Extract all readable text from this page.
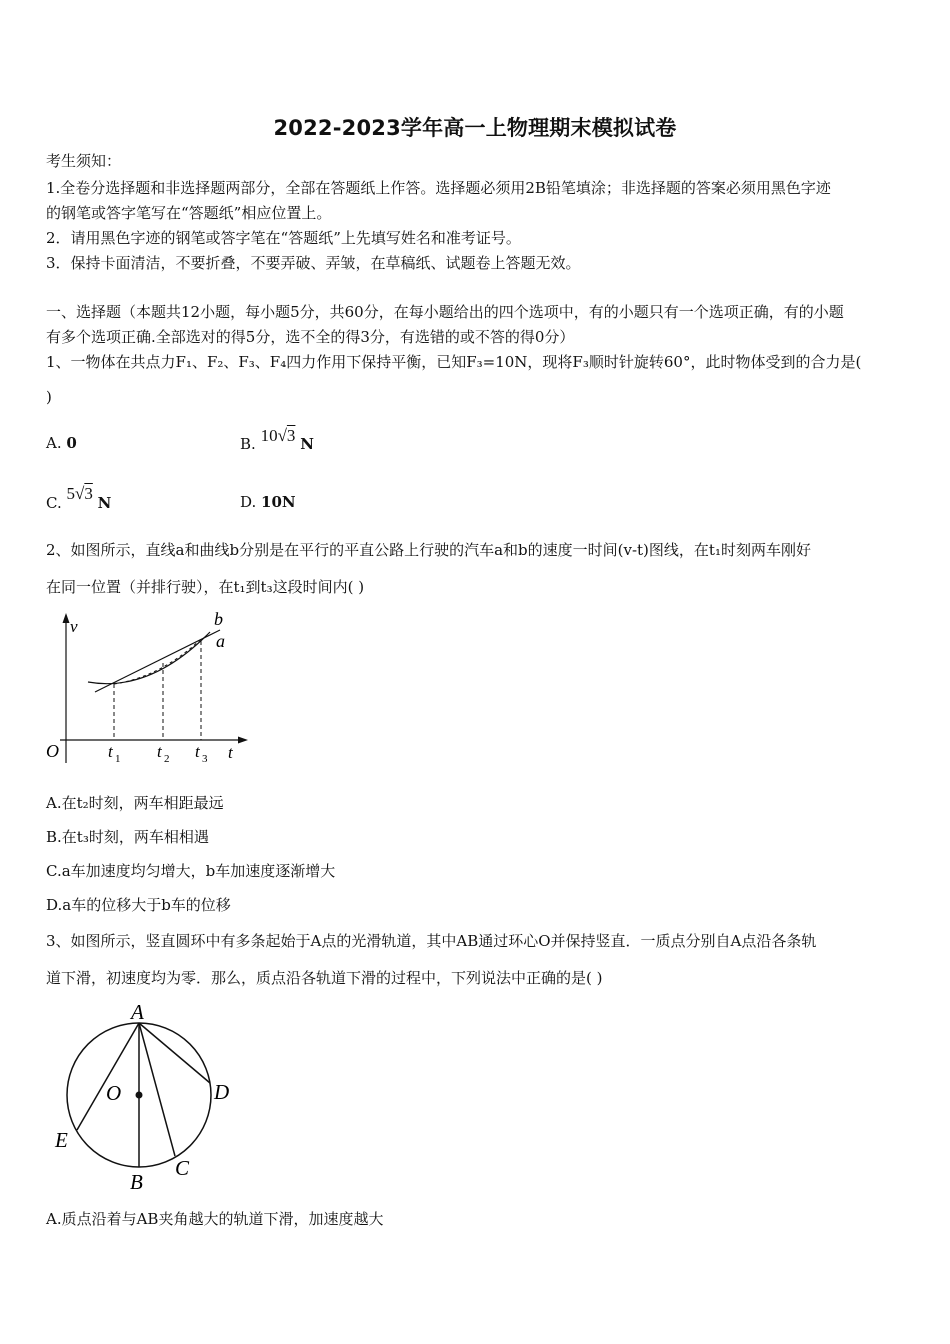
2022-2023学年高一上物理期末模拟试卷
考生须知：
1.全卷分选择题和非选择题两部分，全部在答题纸上作答。选择题必须用2B铅笔填涂；非选择题的答案必须用黑色字迹
的钢笔或答字笔写在“答题纸”相应位置上。
2．请用黑色字迹的钢笔或答字笔在“答题纸”上先填写姓名和准考证号。
3．保持卡面清洁，不要折叠，不要弄破、弄皱，在草稿纸、试题卷上答题无效。
一、选择题（本题共12小题，每小题5分，共60分，在每小题给出的四个选项中，有的小题只有一个选项正确，有的小题
有多个选项正确.全部选对的得5分，选不全的得3分，有选错的或不答的得0分）
1、一物体在共点力F₁、F₂、F₃、F₄四力作用下保持平衡，已知F₃=10N，现将F₃顺时针旋转60°，此时物体受到的合力是(
)
A. 0	B. 10√3 N
C. 5√3 N	D. 10N
2、如图所示，直线a和曲线b分别是在平行的平直公路上行驶的汽车a和b的速度一时间(v-t)图线，在t₁时刻两车刚好
在同一位置（并排行驶），在t₁到t₃这段时间内( )
v
t
O
b
a
t 1 t 2 t 3
A.在t₂时刻，两车相距最远
B.在t₃时刻，两车相相遇
C.a车加速度均匀增大，b车加速度逐渐增大
D.a车的位移大于b车的位移
3、如图所示，竖直圆环中有多条起始于A点的光滑轨道，其中AB通过环心O并保持竖直．一质点分别自A点沿各条轨
道下滑，初速度均为零．那么，质点沿各轨道下滑的过程中，下列说法中正确的是( )
A
B
C
D
E
O
A.质点沿着与AB夹角越大的轨道下滑，加速度越大
